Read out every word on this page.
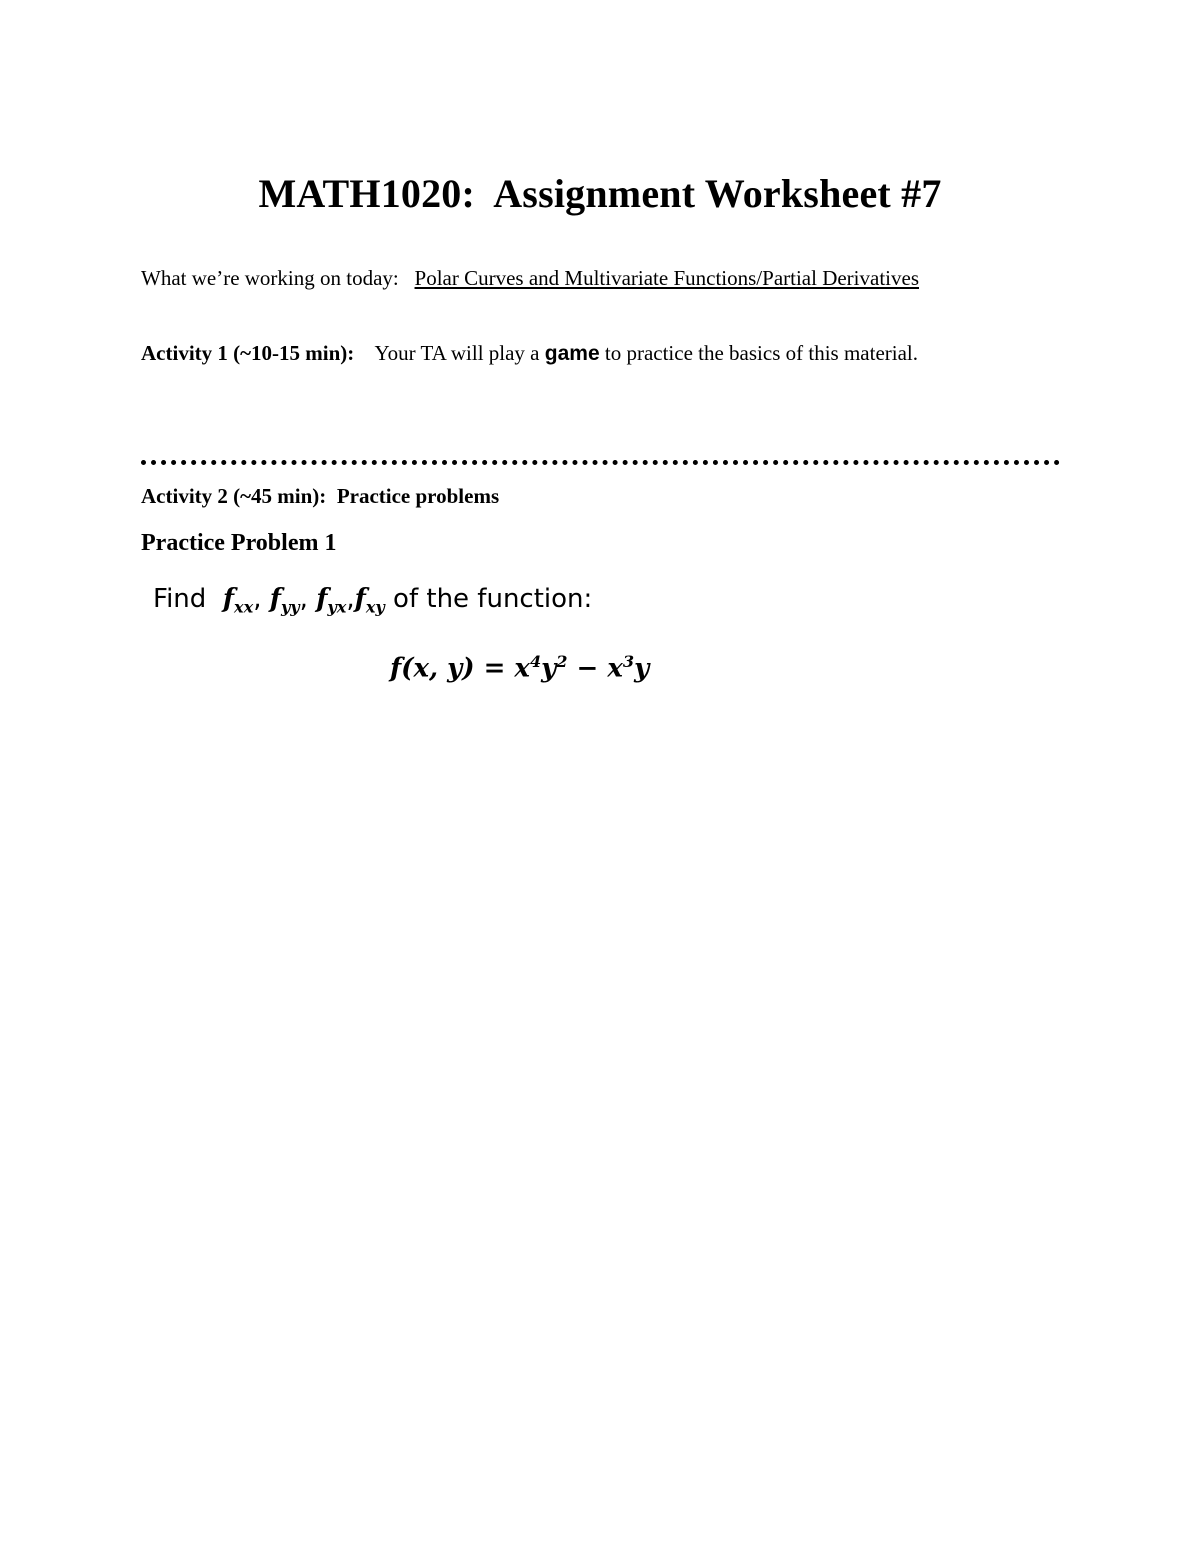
MATH1020:  Assignment Worksheet #7
What we’re working on today: Polar Curves and Multivariate Functions/Partial Derivatives
Activity 1 (~10-15 min): Your TA will play a game to practice the basics of this material.
Activity 2 (~45 min): Practice problems
Practice Problem 1
Find $f_{xx}$, $f_{yy}$, $f_{yx},f_{xy}$ of the function:
f(x, $y) = x^4y^2 - x^3y$
